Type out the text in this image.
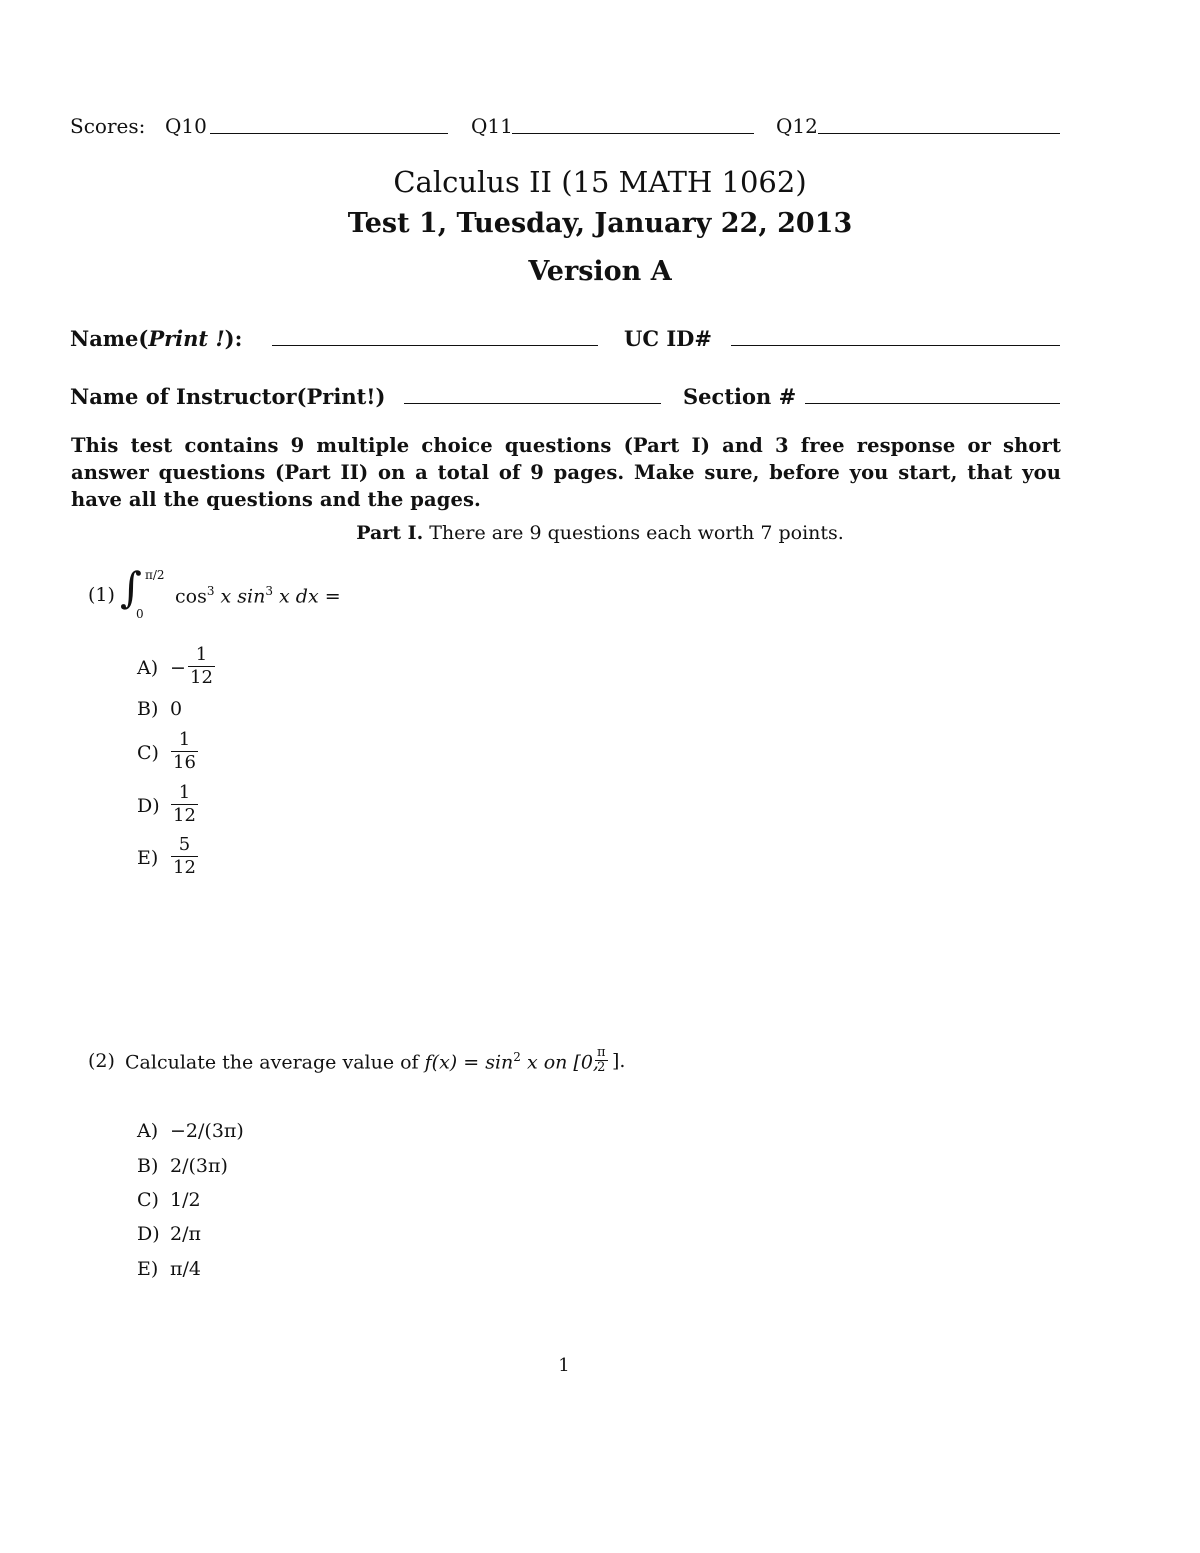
Scores: Q10	Q11	Q12
Calculus II (15 MATH 1062)
Test 1, Tuesday, January 22, 2013
Version A
Name(Print !):	UC ID#
Name of Instructor(Print!)	Section #
This test contains 9 multiple choice questions (Part I) and 3 free response or short answer questions (Part II) on a total of 9 pages. Make sure, before you start, that you have all the questions and the pages.
Part I. There are 9 questions each worth 7 points.
(1) ∫ π/2
0
$\cos^3 x$ $\sin^3 x$ dx =
A) −
1
12
B) 0
C)
1
16
D)
1
12
E)
5
12
(2) Calculate the average value of $f(x) = \sin^2 x$ on [0,
π
2 ].
A) −2/(3π)
B) 2/(3π)
C) 1/2
D) 2/π
E) π/4
1
